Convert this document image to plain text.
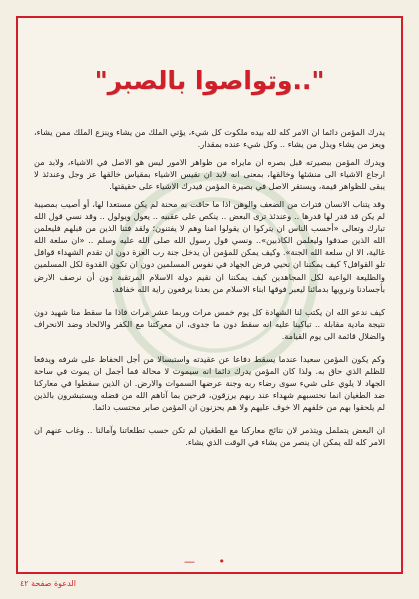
"..وتواصوا بالصبر"

يدرك المؤمن دائما ان الامر كله لله بيده ملكوت كل شيء، يؤتي الملك من يشاء وينزع الملك ممن يشاء، ويعز من يشاء ويذل من يشاء .. وكل شيء عنده بمقدار.

ويدرك المؤمن ببصيرته قبل بصره ان مايراه من ظواهر الامور ليس هو الاصل في الاشياء، ولابد من ارجاع الاشياء الى منشئها وخالقها، بمعنى انه لابد ان نقيس الاشياء بمقياس خالقها عز وجل وعندئذ لا يبقى للظواهر قيمة، ويستقر الاصل في بصيرة المؤمن فيدرك الاشياء على حقيقتها.

وقد يتناب الانسان فترات من الضعف والوهن اذا ما حاقت به محنة لم يكن مستعدا لها، أو أصيب بمصيبة لم يكن قد قدر لها قدرها .. وعندئذ ترى البعض .. ينكص على عقبيه .. يعول ويولول .. وقد نسي قول الله تبارك وتعالى «أحسب الناس ان يتركوا ان يقولوا امنا وهم لا يفتنون؛ ولقد فتنا الذين من قبلهم فليعلمن الله الذين صدقوا وليعلمن الكاذبين».. ونسي قول رسول الله صلى الله عليه وسلم .. «ان سلعة الله غالية، الا ان سلعة الله الجنة». وكيف يمكن للمؤمن أن يدخل جنة رب العزة دون ان تقدم الشهداء قوافل تلو القوافل؟ كيف يمكننا ان نحيي فرض الجهاد في نفوس المسلمين دون ان تكون القدوة لكل المسلمين والطليعة الواعية لكل المجاهدين كيف يمكننا ان نقيم دولة الاسلام المرتقبة دون أن نرصف الارض بأجسادنا ونرويها بدمائنا ليعبر فوقها ابناء الاسلام من بعدنا يرفعون راية الله خفاقة.

كيف ندعو الله ان يكتب لنا الشهادة كل يوم خمس مرات وربما عشر مرات فاذا ما سقط منا شهيد دون نتيجة مادية مقابلة .. تباكينا عليه انه سقط دون ما جدوى، ان معركتنا مع الكفر والالحاد وضد الانحراف والضلال قائمة الى يوم القيامة.

وكم يكون المؤمن سعيدا عندما يسقط دفاعا عن عقيدته واستبسالا من أجل الحفاظ على شرفه ويدفعا للظلم الذي حاق به. ولذا كان المؤمن يدرك دائما انه سيموت لا محالة فما أجمل ان يموت في ساحة الجهاد لا يلوي على شيء سوى رضاء ربه وجنة عرضها السموات والارض. ان الذين سقطوا في معاركنا ضد الطغيان انما نحتسبهم شهداء عند ربهم يرزقون، فرحين بما آتاهم الله من فضله ويستبشرون بالذين لم يلحقوا بهم من خلفهم الا خوف عليهم ولا هم يحزنون ان المؤمن صابر محتسب دائما.

ان البعض يتململ ويتذمر لان نتائج معاركنا مع الطغيان لم تكن حسب تطلعاتنا وآمالنا .. وغاب عنهم ان الامر كله لله يمكن ان ينصر من يشاء في الوقت الذي يشاء.

• —
الدعوة صفحة ٤٢
